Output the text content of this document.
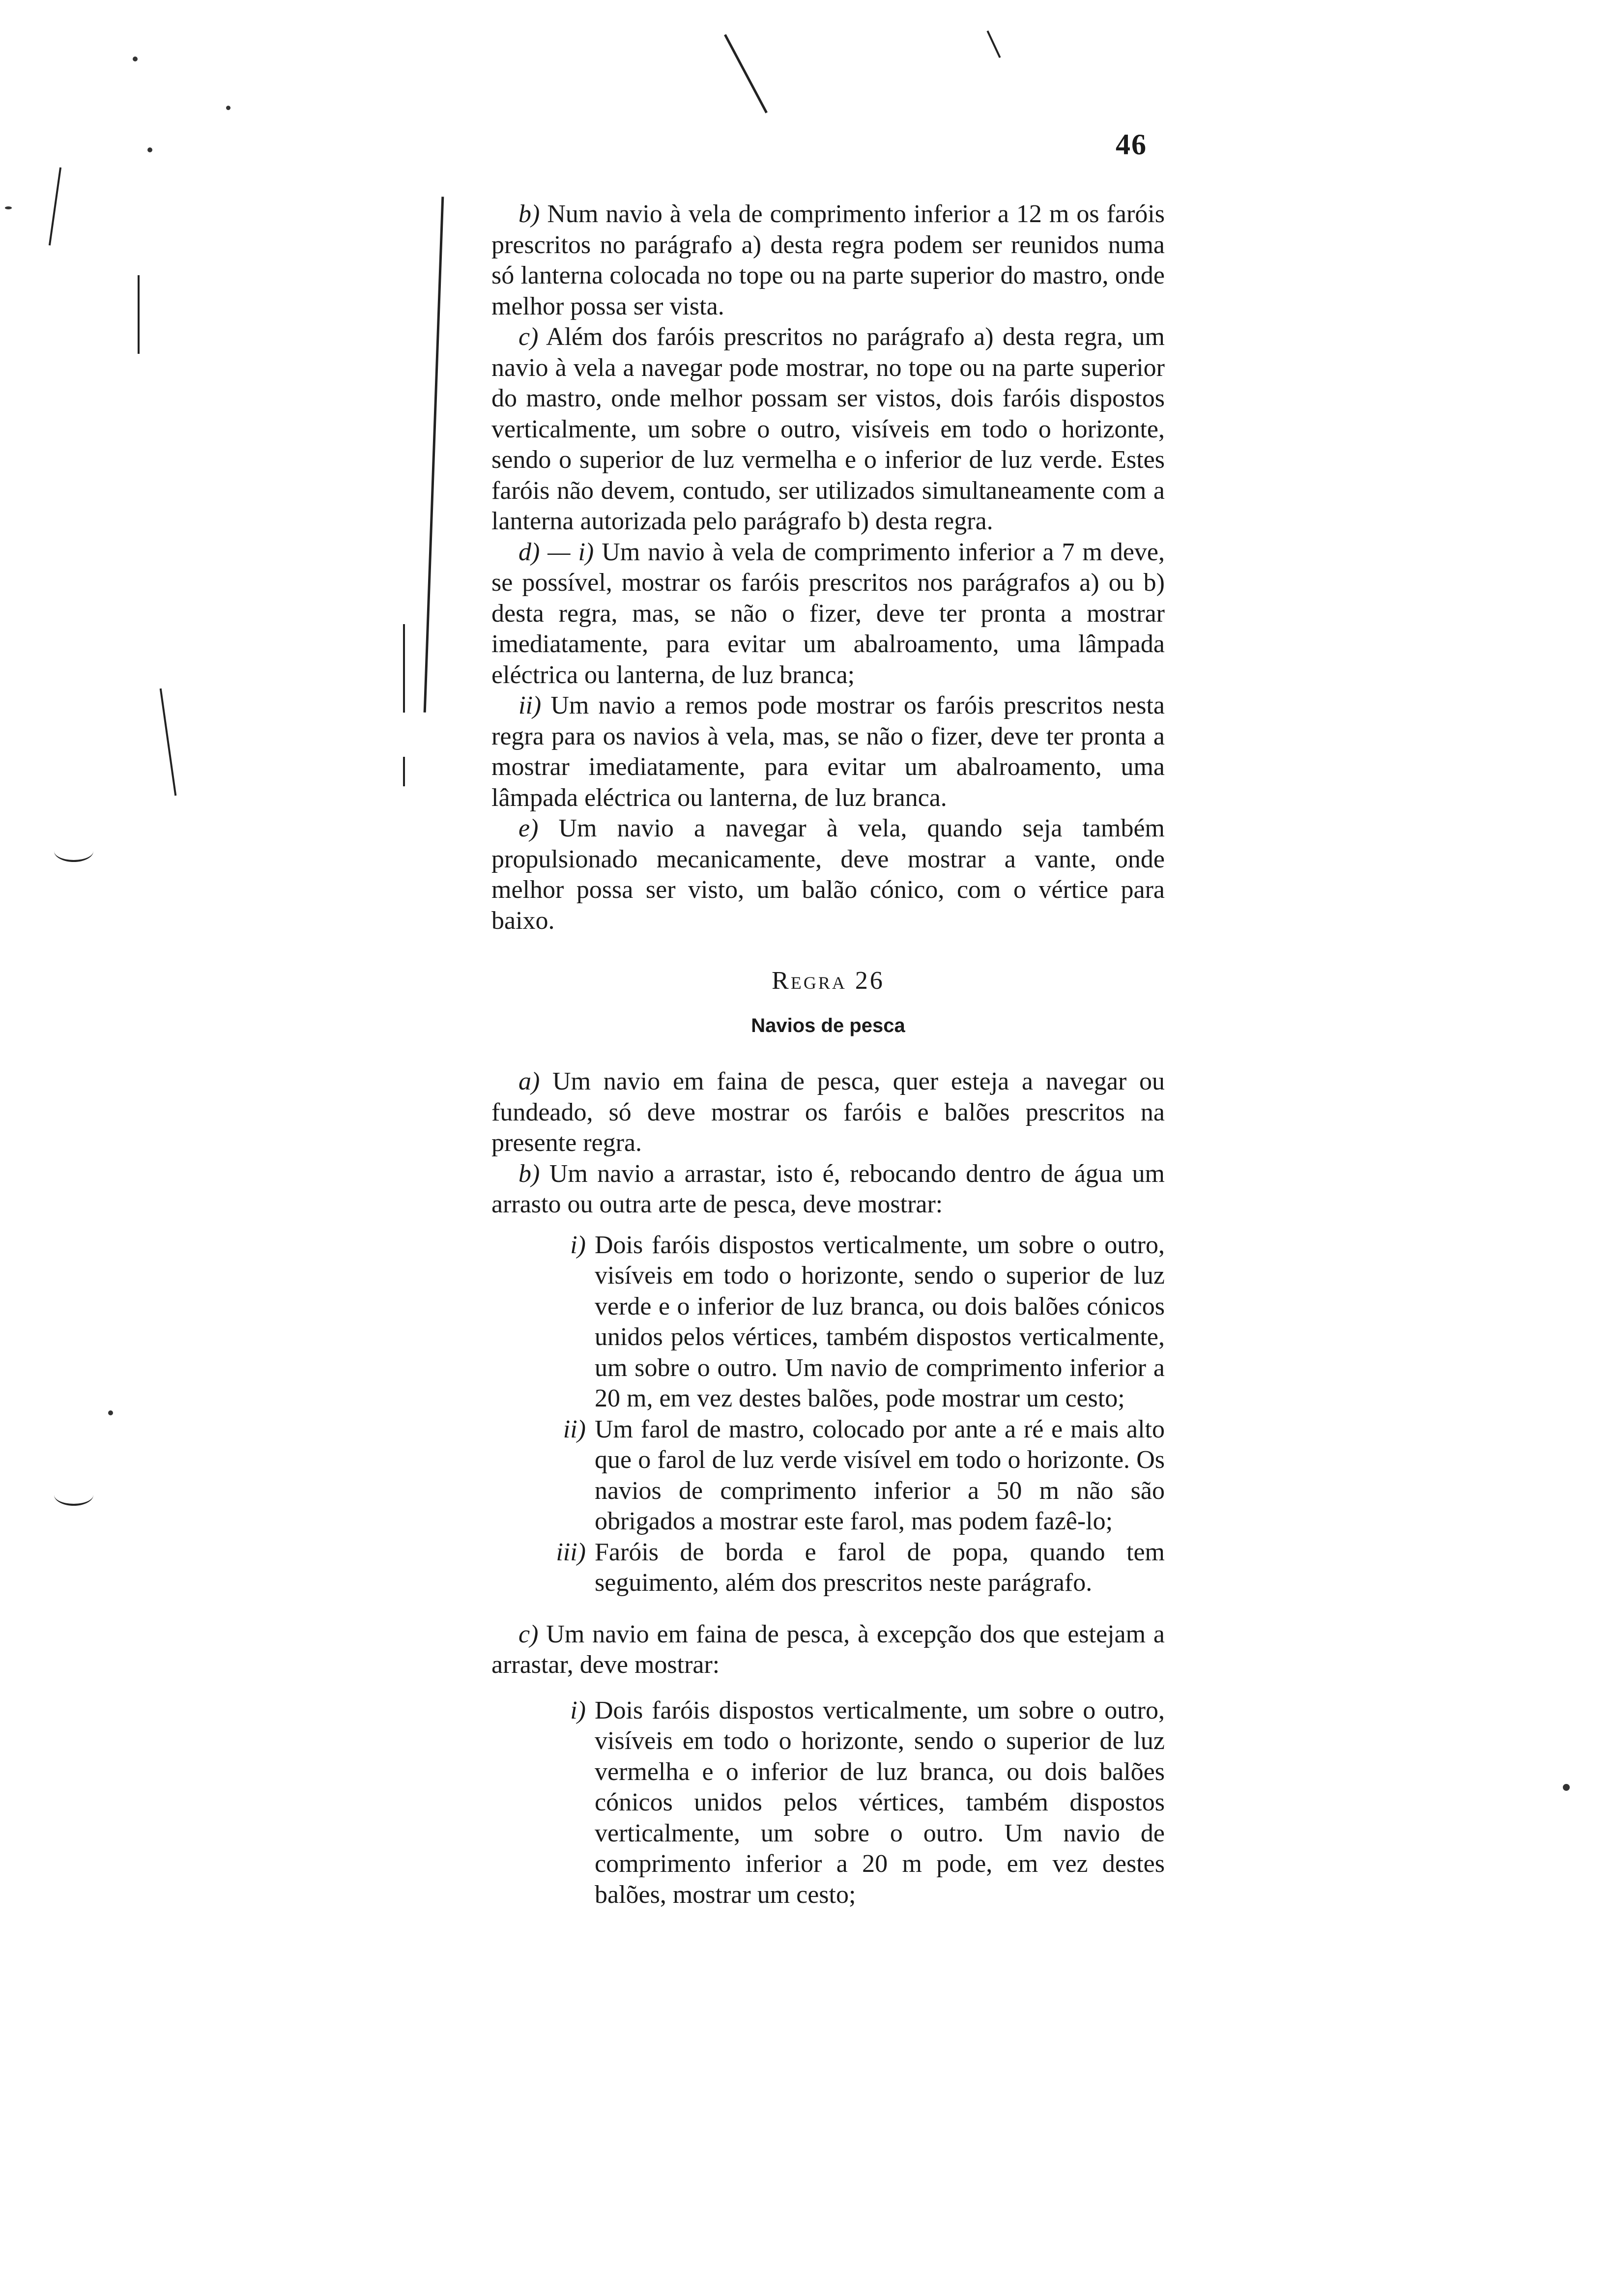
46

b) Num navio à vela de comprimento inferior a 12 m os faróis prescritos no parágrafo a) desta regra podem ser reunidos numa só lanterna colocada no tope ou na parte superior do mastro, onde melhor possa ser vista.

c) Além dos faróis prescritos no parágrafo a) desta regra, um navio à vela a navegar pode mostrar, no tope ou na parte superior do mastro, onde melhor possam ser vistos, dois faróis dispostos verticalmente, um sobre o outro, visíveis em todo o horizonte, sendo o superior de luz vermelha e o inferior de luz verde. Estes faróis não devem, contudo, ser utilizados simultaneamente com a lanterna autorizada pelo parágrafo b) desta regra.

d) — i) Um navio à vela de comprimento inferior a 7 m deve, se possível, mostrar os faróis prescritos nos parágrafos a) ou b) desta regra, mas, se não o fizer, deve ter pronta a mostrar imediatamente, para evitar um abalroamento, uma lâmpada eléctrica ou lanterna, de luz branca;

ii) Um navio a remos pode mostrar os faróis prescritos nesta regra para os navios à vela, mas, se não o fizer, deve ter pronta a mostrar imediatamente, para evitar um abalroamento, uma lâmpada eléctrica ou lanterna, de luz branca.

e) Um navio a navegar à vela, quando seja também propulsionado mecanicamente, deve mostrar a vante, onde melhor possa ser visto, um balão cónico, com o vértice para baixo.

Regra 26
Navios de pesca

a) Um navio em faina de pesca, quer esteja a navegar ou fundeado, só deve mostrar os faróis e balões prescritos na presente regra.

b) Um navio a arrastar, isto é, rebocando dentro de água um arrasto ou outra arte de pesca, deve mostrar:

i) Dois faróis dispostos verticalmente, um sobre o outro, visíveis em todo o horizonte, sendo o superior de luz verde e o inferior de luz branca, ou dois balões cónicos unidos pelos vértices, também dispostos verticalmente, um sobre o outro. Um navio de comprimento inferior a 20 m, em vez destes balões, pode mostrar um cesto;
ii) Um farol de mastro, colocado por ante a ré e mais alto que o farol de luz verde visível em todo o horizonte. Os navios de comprimento inferior a 50 m não são obrigados a mostrar este farol, mas podem fazê-lo;
iii) Faróis de borda e farol de popa, quando tem seguimento, além dos prescritos neste parágrafo.

c) Um navio em faina de pesca, à excepção dos que estejam a arrastar, deve mostrar:

i) Dois faróis dispostos verticalmente, um sobre o outro, visíveis em todo o horizonte, sendo o superior de luz vermelha e o inferior de luz branca, ou dois balões cónicos unidos pelos vértices, também dispostos verticalmente, um sobre o outro. Um navio de comprimento inferior a 20 m pode, em vez destes balões, mostrar um cesto;
